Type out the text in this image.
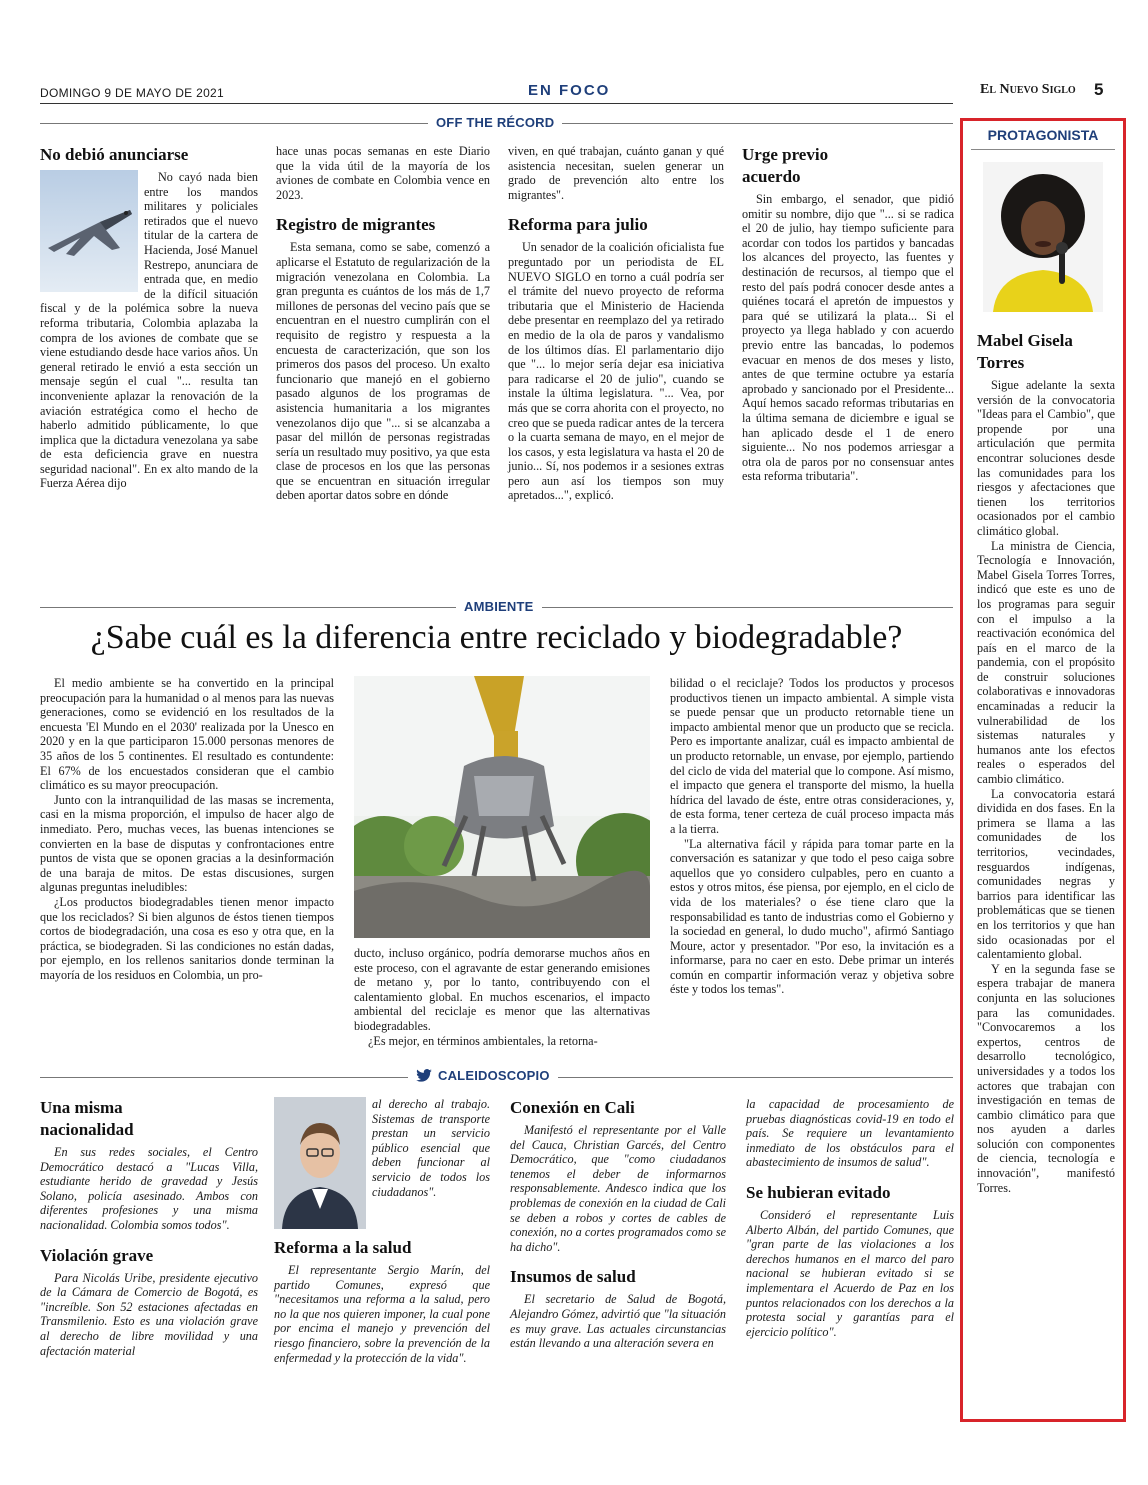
DOMINGO 9 DE MAYO DE 2021	EN FOCO	El Nuevo Siglo 5
OFF THE RÉCORD
No debió anunciarse

No cayó nada bien entre los mandos militares y policiales retirados que el nuevo titular de la cartera de Hacienda, José Manuel Restrepo, anunciara de entrada que, en medio de la difícil situación fiscal y de la polémica sobre la nueva reforma tributaria, Colombia aplazaba la compra de los aviones de combate que se viene estudiando desde hace varios años. Un general retirado le envió a esta sección un mensaje según el cual "... resulta tan inconveniente aplazar la renovación de la aviación estratégica como el hecho de haberlo admitido públicamente, lo que implica que la dictadura venezolana ya sabe de esta deficiencia grave en nuestra seguridad nacional". En ex alto mando de la Fuerza Aérea dijo

hace unas pocas semanas en este Diario que la vida útil de la mayoría de los aviones de combate en Colombia vence en 2023.

Registro de migrantes

Esta semana, como se sabe, comenzó a aplicarse el Estatuto de regularización de la migración venezolana en Colombia. La gran pregunta es cuántos de los más de 1,7 millones de personas del vecino país que se encuentran en el nuestro cumplirán con el requisito de registro y respuesta a la encuesta de caracterización, que son los primeros dos pasos del proceso. Un exalto funcionario que manejó en el gobierno pasado algunos de los programas de asistencia humanitaria a los migrantes venezolanos dijo que "... si se alcanzaba a pasar del millón de personas registradas sería un resultado muy positivo, ya que esta clase de procesos en los que las personas que se encuentran en situación irregular deben aportar datos sobre en dónde

viven, en qué trabajan, cuánto ganan y qué asistencia necesitan, suelen generar un grado de prevención alto entre los migrantes".

Reforma para julio

Un senador de la coalición oficialista fue preguntado por un periodista de EL NUEVO SIGLO en torno a cuál podría ser el trámite del nuevo proyecto de reforma tributaria que el Ministerio de Hacienda debe presentar en reemplazo del ya retirado en medio de la ola de paros y vandalismo de los últimos días. El parlamentario dijo que "... lo mejor sería dejar esa iniciativa para radicarse el 20 de julio", cuando se instale la última legislatura. "... Vea, por más que se corra ahorita con el proyecto, no creo que se pueda radicar antes de la tercera o la cuarta semana de mayo, en el mejor de los casos, y esta legislatura va hasta el 20 de junio... Sí, nos podemos ir a sesiones extras pero aun así los tiempos son muy apretados...", explicó.

Urge previo acuerdo

Sin embargo, el senador, que pidió omitir su nombre, dijo que "... si se radica el 20 de julio, hay tiempo suficiente para acordar con todos los partidos y bancadas los alcances del proyecto, las fuentes y destinación de recursos, al tiempo que el resto del país podrá conocer desde antes a quiénes tocará el apretón de impuestos y para qué se utilizará la plata... Si el proyecto ya llega hablado y con acuerdo previo entre las bancadas, lo podemos evacuar en menos de dos meses y listo, antes de que termine octubre ya estaría aprobado y sancionado por el Presidente... Aquí hemos sacado reformas tributarias en la última semana de diciembre e igual se han aplicado desde el 1 de enero siguiente... No nos podemos arriesgar a otra ola de paros por no consensuar antes esta reforma tributaria".

AMBIENTE
¿Sabe cuál es la diferencia entre reciclado y biodegradable?

El medio ambiente se ha convertido en la principal preocupación para la humanidad o al menos para las nuevas generaciones, como se evidenció en los resultados de la encuesta 'El Mundo en el 2030' realizada por la Unesco en 2020 y en la que participaron 15.000 personas menores de 35 años de los 5 continentes. El resultado es contundente: El 67% de los encuestados consideran que el cambio climático es su mayor preocupación.

Junto con la intranquilidad de las masas se incrementa, casi en la misma proporción, el impulso de hacer algo de inmediato. Pero, muchas veces, las buenas intenciones se convierten en la base de disputas y confrontaciones entre puntos de vista que se oponen gracias a la desinformación de una baraja de mitos. De estas discusiones, surgen algunas preguntas ineludibles:

¿Los productos biodegradables tienen menor impacto que los reciclados? Si bien algunos de éstos tienen tiempos cortos de biodegradación, una cosa es eso y otra que, en la práctica, se biodegraden. Si las condiciones no están dadas, por ejemplo, en los rellenos sanitarios donde terminan la mayoría de los residuos en Colombia, un pro-

ducto, incluso orgánico, podría demorarse muchos años en este proceso, con el agravante de estar generando emisiones de metano y, por lo tanto, contribuyendo con el calentamiento global. En muchos escenarios, el impacto ambiental del reciclaje es menor que las alternativas biodegradables.

¿Es mejor, en términos ambientales, la retorna-

bilidad o el reciclaje? Todos los productos y procesos productivos tienen un impacto ambiental. A simple vista se puede pensar que un producto retornable tiene un impacto ambiental menor que un producto que se recicla. Pero es importante analizar, cuál es impacto ambiental de un producto retornable, un envase, por ejemplo, partiendo del ciclo de vida del material que lo compone. Así mismo, el impacto que genera el transporte del mismo, la huella hídrica del lavado de éste, entre otras consideraciones, y, de esta forma, tener certeza de cuál proceso impacta más a la tierra.

"La alternativa fácil y rápida para tomar parte en la conversación es satanizar y que todo el peso caiga sobre aquellos que yo considero culpables, pero en cuanto a estos y otros mitos, ése piensa, por ejemplo, en el ciclo de vida de los materiales? o ése tiene claro que la responsabilidad es tanto de industrias como el Gobierno y la sociedad en general, lo dudo mucho", afirmó Santiago Moure, actor y presentador. "Por eso, la invitación es a informarse, para no caer en esto. Debe primar un interés común en compartir información veraz y objetiva sobre éste y todos los temas".

CALEIDOSCOPIO
Una misma nacionalidad

En sus redes sociales, el Centro Democrático destacó a "Lucas Villa, estudiante herido de gravedad y Jesús Solano, policía asesinado. Ambos con diferentes profesiones y una misma nacionalidad. Colombia somos todos".

Violación grave

Para Nicolás Uribe, presidente ejecutivo de la Cámara de Comercio de Bogotá, es "increíble. Son 52 estaciones afectadas en Transmilenio. Esto es una violación grave al derecho de libre movilidad y una afectación material

al derecho al trabajo. Sistemas de transporte prestan un servicio público esencial que deben funcionar al servicio de todos los ciudadanos".

Reforma a la salud

El representante Sergio Marín, del partido Comunes, expresó que "necesitamos una reforma a la salud, pero no la que nos quieren imponer, la cual pone por encima el manejo y prevención del riesgo financiero, sobre la prevención de la enfermedad y la protección de la vida".

Conexión en Cali

Manifestó el representante por el Valle del Cauca, Christian Garcés, del Centro Democrático, que "como ciudadanos tenemos el deber de informarnos responsablemente. Andesco indica que los problemas de conexión en la ciudad de Cali se deben a robos y cortes de cables de conexión, no a cortes programados como se ha dicho".

Insumos de salud

El secretario de Salud de Bogotá, Alejandro Gómez, advirtió que "la situación es muy grave. Las actuales circunstancias están llevando a una alteración severa en

la capacidad de procesamiento de pruebas diagnósticas covid-19 en todo el país. Se requiere un levantamiento inmediato de los obstáculos para el abastecimiento de insumos de salud".

Se hubieran evitado

Consideró el representante Luis Alberto Albán, del partido Comunes, que "gran parte de las violaciones a los derechos humanos en el marco del paro nacional se hubieran evitado si se implementara el Acuerdo de Paz en los puntos relacionados con los derechos a la protesta social y garantías para el ejercicio político".

PROTAGONISTA
Mabel Gisela Torres

Sigue adelante la sexta versión de la convocatoria "Ideas para el Cambio", que propende por una articulación que permita encontrar soluciones desde las comunidades para los riesgos y afectaciones que tienen los territorios ocasionados por el cambio climático global.

La ministra de Ciencia, Tecnología e Innovación, Mabel Gisela Torres Torres, indicó que este es uno de los programas para seguir con el impulso a la reactivación económica del país en el marco de la pandemia, con el propósito de construir soluciones colaborativas e innovadoras encaminadas a reducir la vulnerabilidad de los sistemas naturales y humanos ante los efectos reales o esperados del cambio climático.

La convocatoria estará dividida en dos fases. En la primera se llama a las comunidades de los territorios, vecindades, resguardos indígenas, comunidades negras y barrios para identificar las problemáticas que se tienen en los territorios y que han sido ocasionadas por el calentamiento global.

Y en la segunda fase se espera trabajar de manera conjunta en las soluciones para las comunidades. "Convocaremos a los expertos, centros de desarrollo tecnológico, universidades y a todos los actores que trabajan con investigación en temas de cambio climático para que nos ayuden a darles solución con componentes de ciencia, tecnología e innovación", manifestó Torres.
